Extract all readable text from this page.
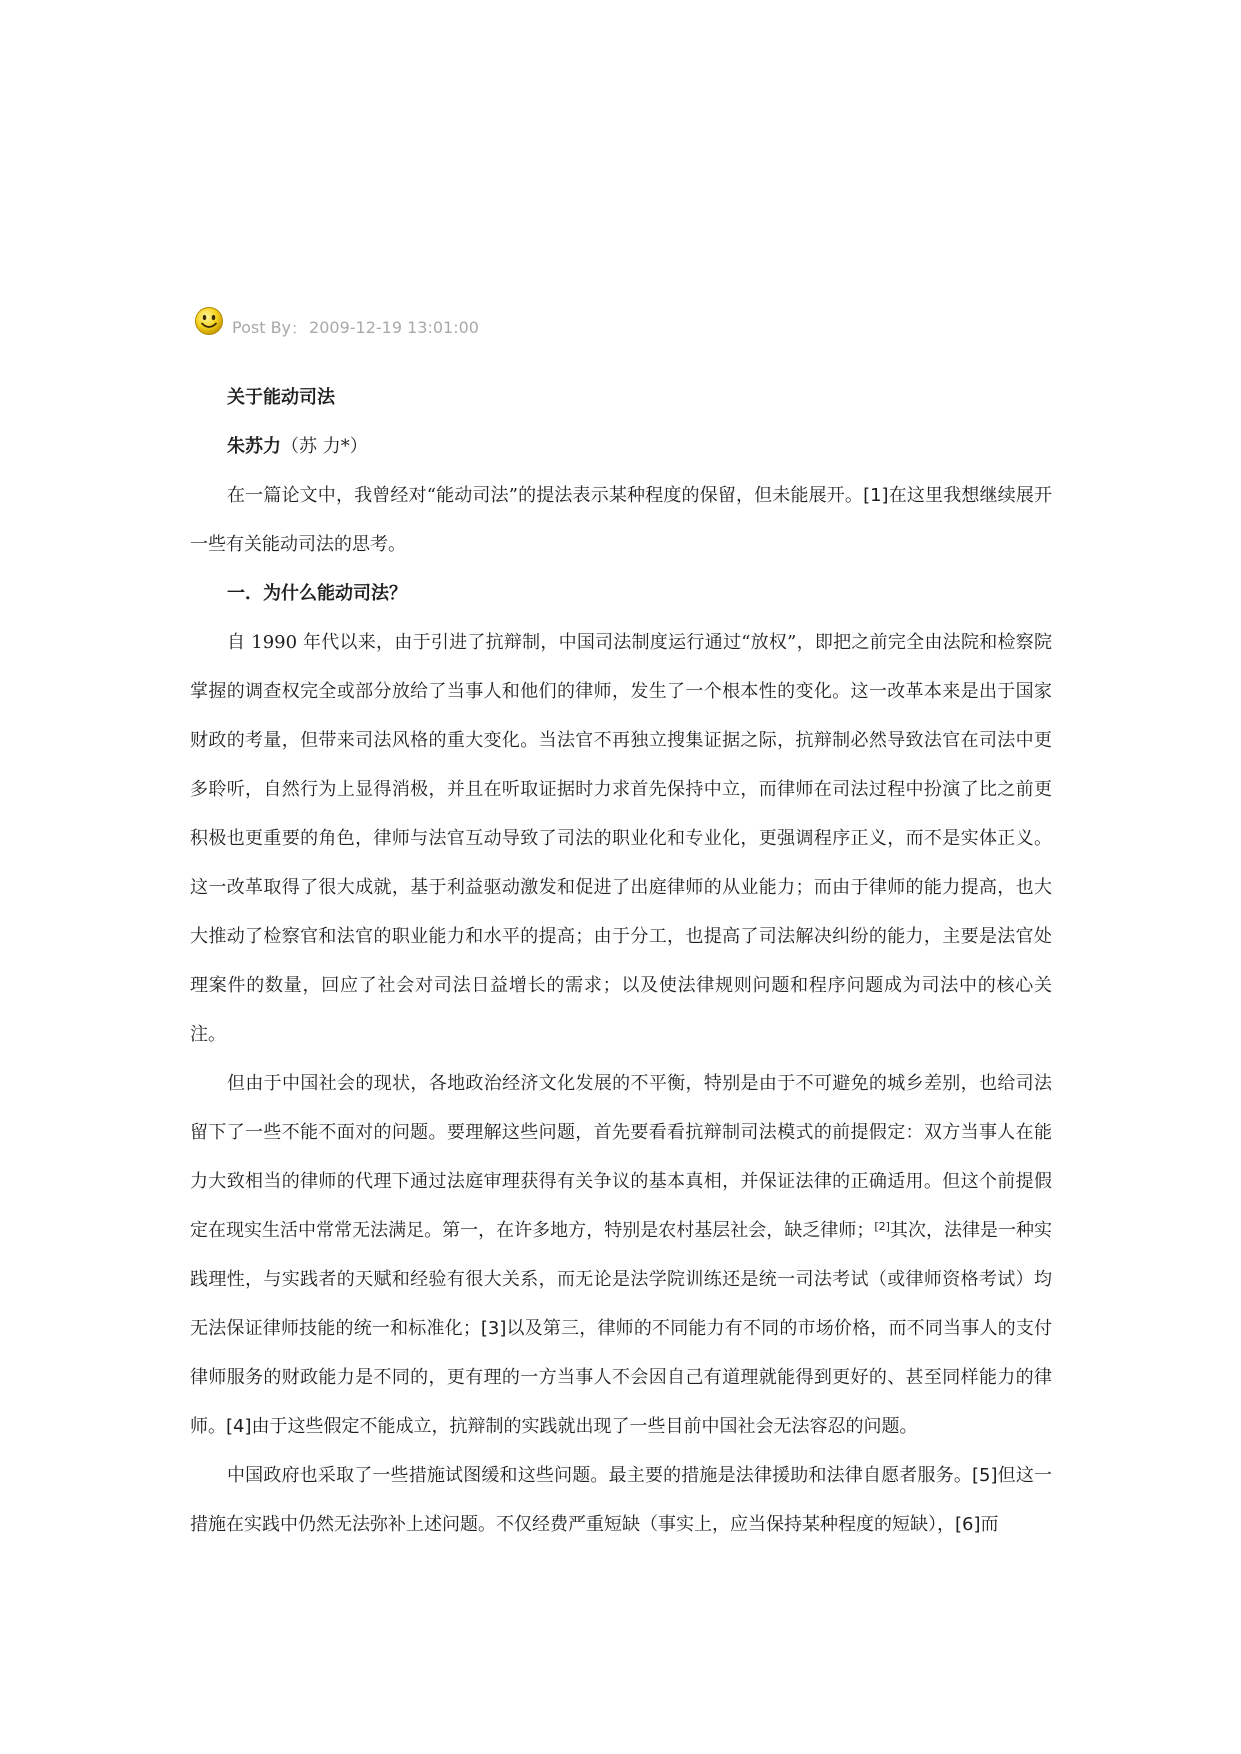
Post By ： 2009-12-19 13:01:00

关于能动司法

朱苏力（苏 力*）

在一篇论文中，我曾经对“能动司法”的提法表示某种程度的保留，但未能展开。[1]在这里我想继续展开一些有关能动司法的思考。

一．为什么能动司法？

自 1990 年代以来，由于引进了抗辩制，中国司法制度运行通过“放权”，即把之前完全由法院和检察院掌握的调查权完全或部分放给了当事人和他们的律师，发生了一个根本性的变化。这一改革本来是出于国家财政的考量，但带来司法风格的重大变化。当法官不再独立搜集证据之际，抗辩制必然导致法官在司法中更多聆听，自然行为上显得消极，并且在听取证据时力求首先保持中立，而律师在司法过程中扮演了比之前更积极也更重要的角色，律师与法官互动导致了司法的职业化和专业化，更强调程序正义，而不是实体正义。这一改革取得了很大成就，基于利益驱动激发和促进了出庭律师的从业能力；而由于律师的能力提高，也大大推动了检察官和法官的职业能力和水平的提高；由于分工，也提高了司法解决纠纷的能力，主要是法官处理案件的数量，回应了社会对司法日益增长的需求；以及使法律规则问题和程序问题成为司法中的核心关注。

但由于中国社会的现状，各地政治经济文化发展的不平衡，特别是由于不可避免的城乡差别，也给司法留下了一些不能不面对的问题。要理解这些问题，首先要看看抗辩制司法模式的前提假定：双方当事人在能力大致相当的律师的代理下通过法庭审理获得有关争议的基本真相，并保证法律的正确适用。但这个前提假定在现实生活中常常无法满足。第一，在许多地方，特别是农村基层社会，缺乏律师；[2]其次，法律是一种实践理性，与实践者的天赋和经验有很大关系，而无论是法学院训练还是统一司法考试（或律师资格考试）均无法保证律师技能的统一和标准化；[3]以及第三，律师的不同能力有不同的市场价格，而不同当事人的支付律师服务的财政能力是不同的，更有理的一方当事人不会因自己有道理就能得到更好的、甚至同样能力的律师。[4]由于这些假定不能成立，抗辩制的实践就出现了一些目前中国社会无法容忍的问题。

中国政府也采取了一些措施试图缓和这些问题。最主要的措施是法律援助和法律自愿者服务。[5]但这一措施在实践中仍然无法弥补上述问题。不仅经费严重短缺（事实上，应当保持某种程度的短缺），[6]而
